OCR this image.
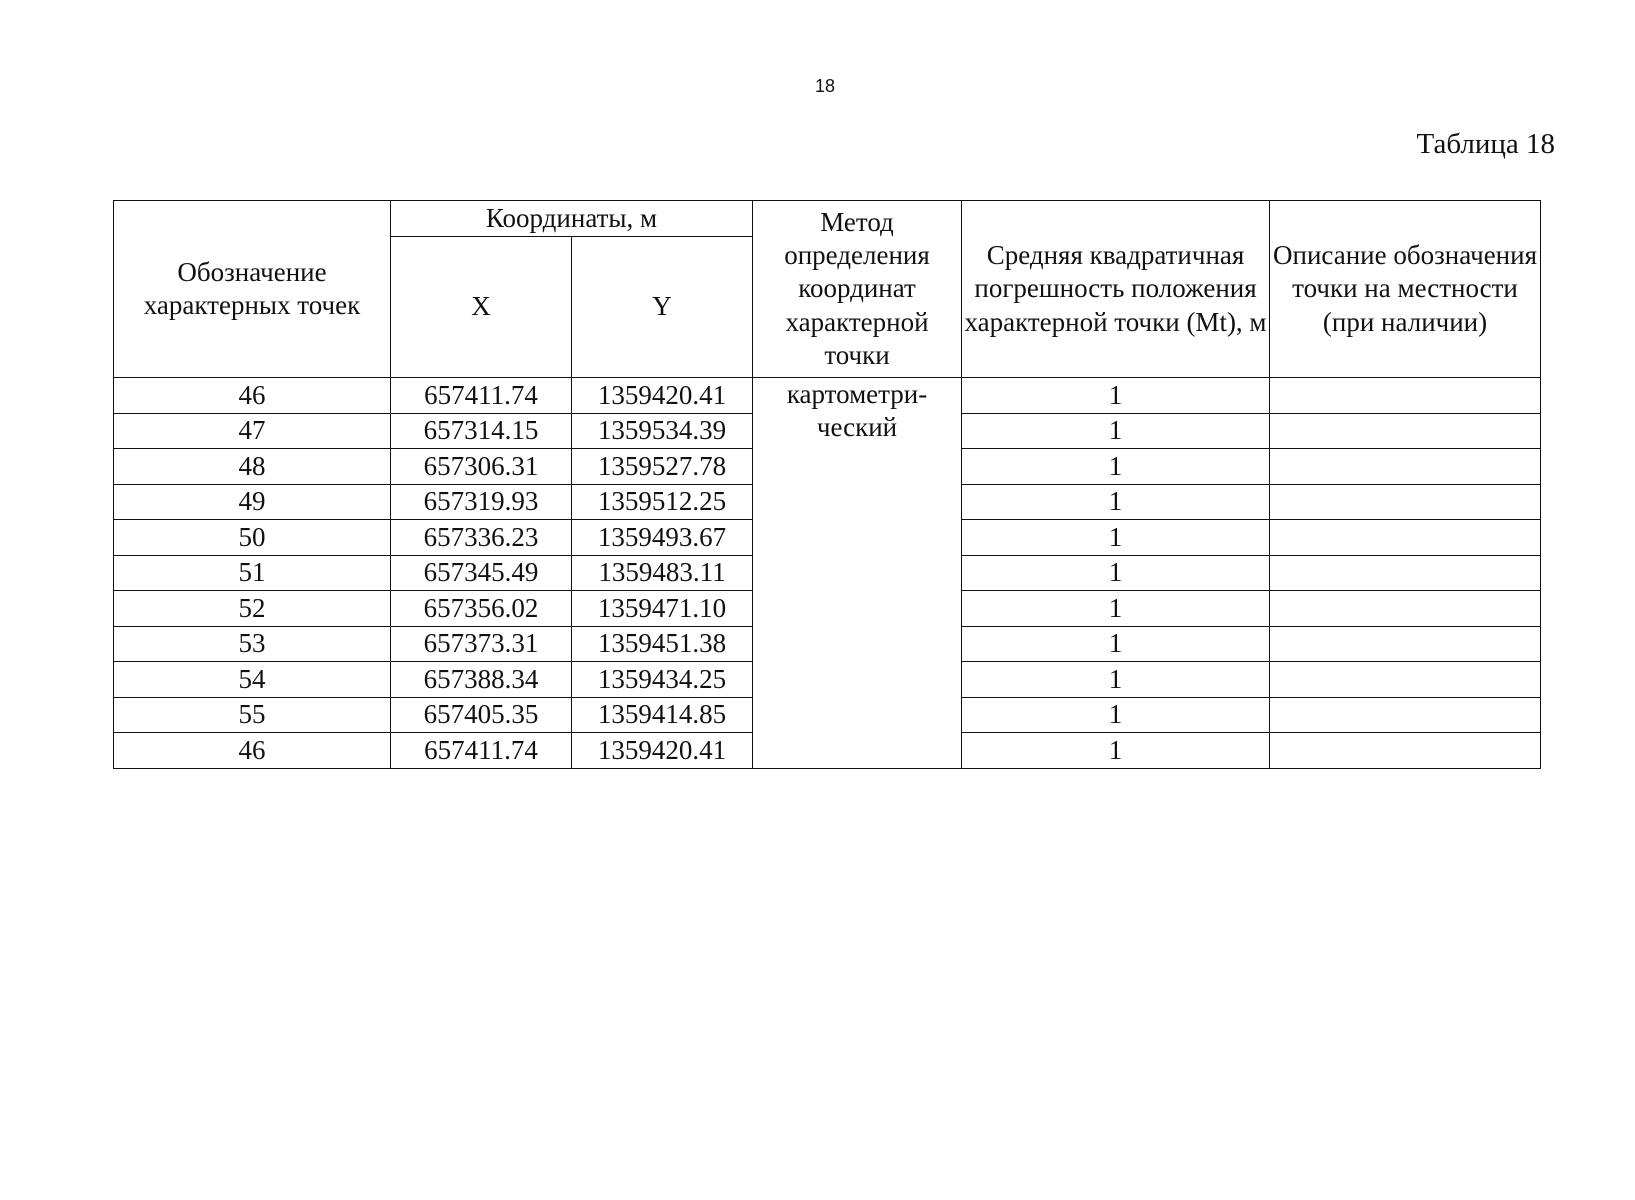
18
Таблица 18
Обозначение характерных точек	Координаты, м		Метод определения координат характерной точки	Средняя квадратичная погрешность положения характерной точки (Mt), м	Описание обозначения точки на местности (при наличии)
	X	Y			
46	657411.74	1359420.41	картометри-ческий	1	
47	657314.15	1359534.39		1	
48	657306.31	1359527.78		1	
49	657319.93	1359512.25		1	
50	657336.23	1359493.67		1	
51	657345.49	1359483.11		1	
52	657356.02	1359471.10		1	
53	657373.31	1359451.38		1	
54	657388.34	1359434.25		1	
55	657405.35	1359414.85		1	
46	657411.74	1359420.41		1	
